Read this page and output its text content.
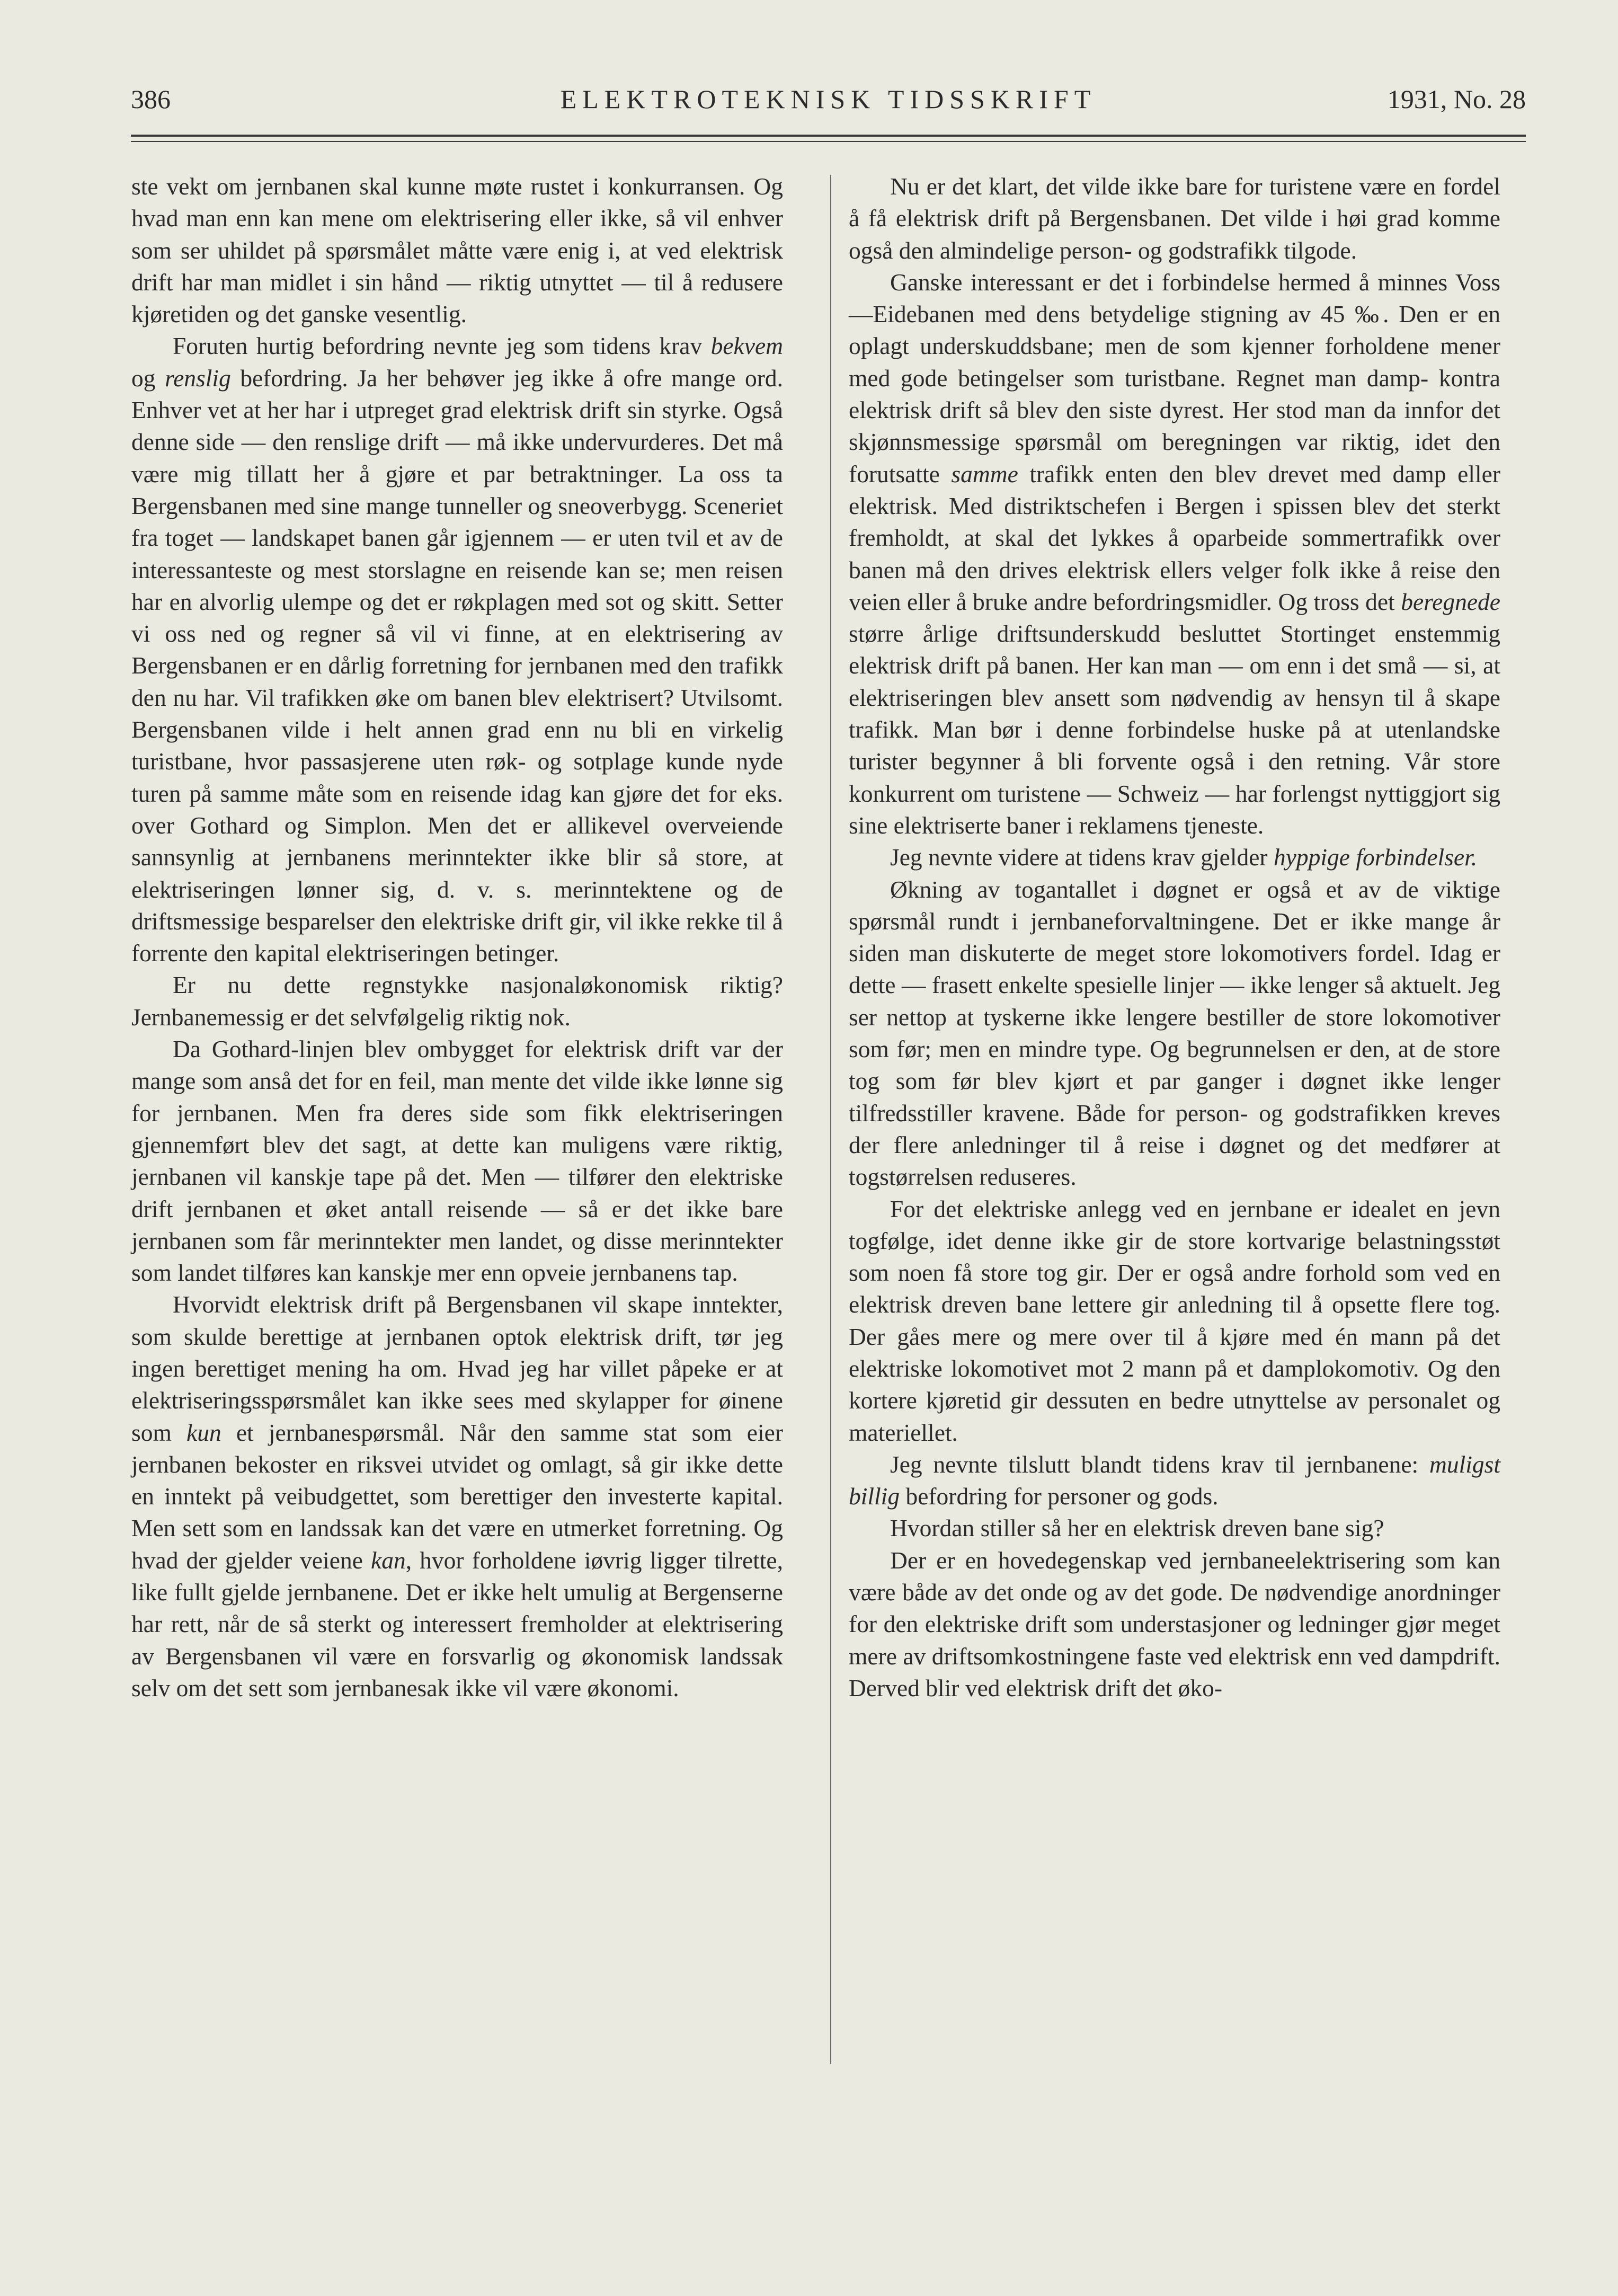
386	ELEKTROTEKNISK TIDSSKRIFT	1931, No. 28

ste vekt om jernbanen skal kunne møte rustet i konkurransen. Og hvad man enn kan mene om elektrisering eller ikke, så vil enhver som ser uhildet på spørsmålet måtte være enig i, at ved elektrisk drift har man midlet i sin hånd — riktig utnyttet — til å redusere kjøretiden og det ganske vesentlig.

Foruten hurtig befordring nevnte jeg som tidens krav bekvem og renslig befordring. Ja her behøver jeg ikke å ofre mange ord. Enhver vet at her har i utpreget grad elektrisk drift sin styrke. Også denne side — den renslige drift — må ikke undervurderes. Det må være mig tillatt her å gjøre et par betraktninger. La oss ta Bergensbanen med sine mange tunneller og sneoverbygg. Sceneriet fra toget — landskapet banen går igjennem — er uten tvil et av de interessanteste og mest storslagne en reisende kan se; men reisen har en alvorlig ulempe og det er røkplagen med sot og skitt. Setter vi oss ned og regner så vil vi finne, at en elektrisering av Bergensbanen er en dårlig forretning for jernbanen med den trafikk den nu har. Vil trafikken øke om banen blev elektrisert? Utvilsomt. Bergensbanen vilde i helt annen grad enn nu bli en virkelig turistbane, hvor passasjerene uten røk- og sotplage kunde nyde turen på samme måte som en reisende idag kan gjøre det for eks. over Gothard og Simplon. Men det er allikevel overveiende sannsynlig at jernbanens merinntekter ikke blir så store, at elektriseringen lønner sig, d. v. s. merinntektene og de driftsmessige besparelser den elektriske drift gir, vil ikke rekke til å forrente den kapital elektriseringen betinger.

Er nu dette regnstykke nasjonaløkonomisk riktig? Jernbanemessig er det selvfølgelig riktig nok.

Da Gothard-linjen blev ombygget for elektrisk drift var der mange som anså det for en feil, man mente det vilde ikke lønne sig for jernbanen. Men fra deres side som fikk elektriseringen gjennemført blev det sagt, at dette kan muligens være riktig, jernbanen vil kanskje tape på det. Men — tilfører den elektriske drift jernbanen et øket antall reisende — så er det ikke bare jernbanen som får merinntekter men landet, og disse merinntekter som landet tilføres kan kanskje mer enn opveie jernbanens tap.

Hvorvidt elektrisk drift på Bergensbanen vil skape inntekter, som skulde berettige at jernbanen optok elektrisk drift, tør jeg ingen berettiget mening ha om. Hvad jeg har villet påpeke er at elektriseringsspørsmålet kan ikke sees med skylapper for øinene som kun et jernbanespørsmål. Når den samme stat som eier jernbanen bekoster en riksvei utvidet og omlagt, så gir ikke dette en inntekt på veibudgettet, som berettiger den investerte kapital. Men sett som en landssak kan det være en utmerket forretning. Og hvad der gjelder veiene kan, hvor forholdene iøvrig ligger tilrette, like fullt gjelde jernbanene. Det er ikke helt umulig at Bergenserne har rett, når de så sterkt og interessert fremholder at elektrisering av Bergensbanen vil være en forsvarlig og økonomisk landssak selv om det sett som jernbanesak ikke vil være økonomi.

Nu er det klart, det vilde ikke bare for turistene være en fordel å få elektrisk drift på Bergensbanen. Det vilde i høi grad komme også den almindelige person- og godstrafikk tilgode.

Ganske interessant er det i forbindelse hermed å minnes Voss—Eidebanen med dens betydelige stigning av 45 ‰. Den er en oplagt underskuddsbane; men de som kjenner forholdene mener med gode betingelser som turistbane. Regnet man damp- kontra elektrisk drift så blev den siste dyrest. Her stod man da innfor det skjønnsmessige spørsmål om beregningen var riktig, idet den forutsatte samme trafikk enten den blev drevet med damp eller elektrisk. Med distriktschefen i Bergen i spissen blev det sterkt fremholdt, at skal det lykkes å oparbeide sommertrafikk over banen må den drives elektrisk ellers velger folk ikke å reise den veien eller å bruke andre befordringsmidler. Og tross det beregnede større årlige driftsunderskudd besluttet Stortinget enstemmig elektrisk drift på banen. Her kan man — om enn i det små — si, at elektriseringen blev ansett som nødvendig av hensyn til å skape trafikk. Man bør i denne forbindelse huske på at utenlandske turister begynner å bli forvente også i den retning. Vår store konkurrent om turistene — Schweiz — har forlengst nyttiggjort sig sine elektriserte baner i reklamens tjeneste.

Jeg nevnte videre at tidens krav gjelder hyppige forbindelser.

Økning av togantallet i døgnet er også et av de viktige spørsmål rundt i jernbaneforvaltningene. Det er ikke mange år siden man diskuterte de meget store lokomotivers fordel. Idag er dette — frasett enkelte spesielle linjer — ikke lenger så aktuelt. Jeg ser nettop at tyskerne ikke lengere bestiller de store lokomotiver som før; men en mindre type. Og begrunnelsen er den, at de store tog som før blev kjørt et par ganger i døgnet ikke lenger tilfredsstiller kravene. Både for person- og godstrafikken kreves der flere anledninger til å reise i døgnet og det medfører at togstørrelsen reduseres.

For det elektriske anlegg ved en jernbane er idealet en jevn togfølge, idet denne ikke gir de store kortvarige belastningsstøt som noen få store tog gir. Der er også andre forhold som ved en elektrisk dreven bane lettere gir anledning til å opsette flere tog. Der gåes mere og mere over til å kjøre med én mann på det elektriske lokomotivet mot 2 mann på et damplokomotiv. Og den kortere kjøretid gir dessuten en bedre utnyttelse av personalet og materiellet.

Jeg nevnte tilslutt blandt tidens krav til jernbanene: muligst billig befordring for personer og gods.

Hvordan stiller så her en elektrisk dreven bane sig?

Der er en hovedegenskap ved jernbaneelektrisering som kan være både av det onde og av det gode. De nødvendige anordninger for den elektriske drift som understasjoner og ledninger gjør meget mere av driftsomkostningene faste ved elektrisk enn ved dampdrift. Derved blir ved elektrisk drift det øko-
